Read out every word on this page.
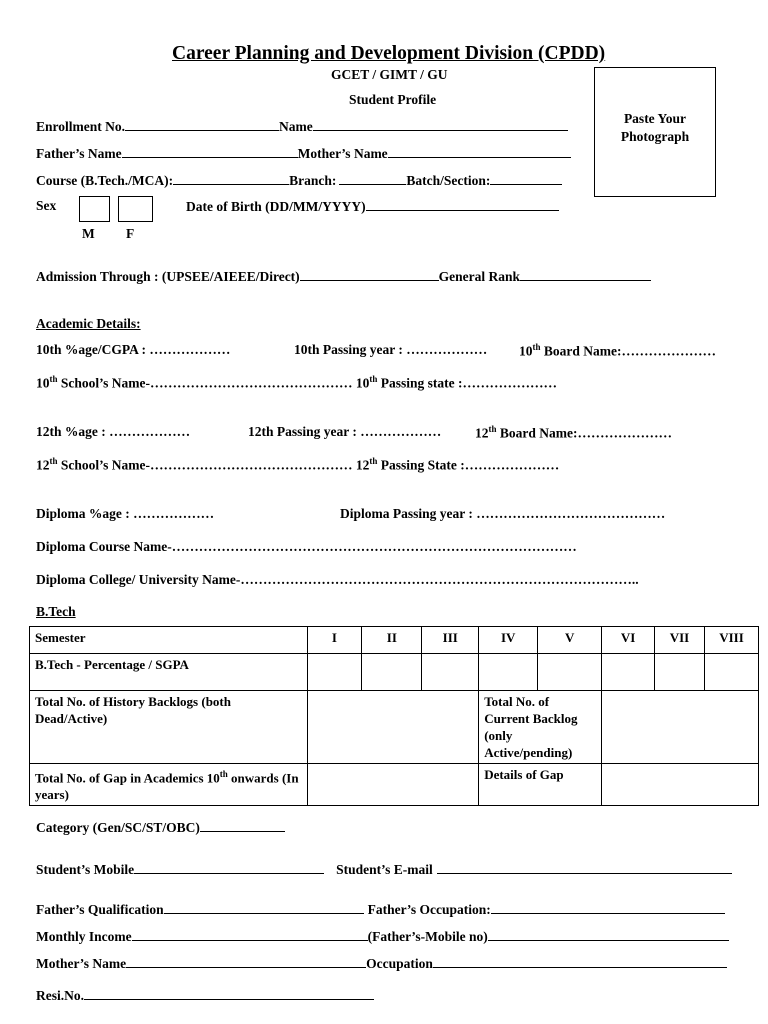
Career Planning and Development Division (CPDD)
GCET / GIMT / GU
Student Profile
Paste Your Photograph
Enrollment No.	Name
Father’s Name	Mother’s Name
Course (B.Tech./MCA):	Branch:	Batch/Section:
Sex
M F
Date of Birth (DD/MM/YYYY)
Admission Through : (UPSEE/AIEEE/Direct)	General Rank
Academic Details:
10th %age/CGPA : ………………	10th Passing year : ……………… 10th Board Name:…………………
10th School’s Name-……………………………………… 10th Passing state :…………………
12th %age : ………………	12th Passing year : ……………… 12th Board Name:…………………
12th School’s Name-……………………………………… 12th Passing State :…………………
Diploma %age : ………………	Diploma Passing year : ……………………………………
Diploma Course Name-………………………………………………………………………………
Diploma College/ University Name-……………………………………………………………………………..
B.Tech
Semester	I	II	III	IV	V	VI	VII	VIII
B.Tech - Percentage / SGPA								
Total No. of History Backlogs (both Dead/Active)				Total No. of Current Backlog (only Active/pending)				
Total No. of Gap in Academics 10th onwards (In years)				Details of Gap				
Category (Gen/SC/ST/OBC)
Student’s Mobile	Student’s E-mail
Father’s Qualification	Father’s Occupation:
Monthly Income	(Father’s-Mobile no)
Mother’s Name	Occupation
Resi.No.
